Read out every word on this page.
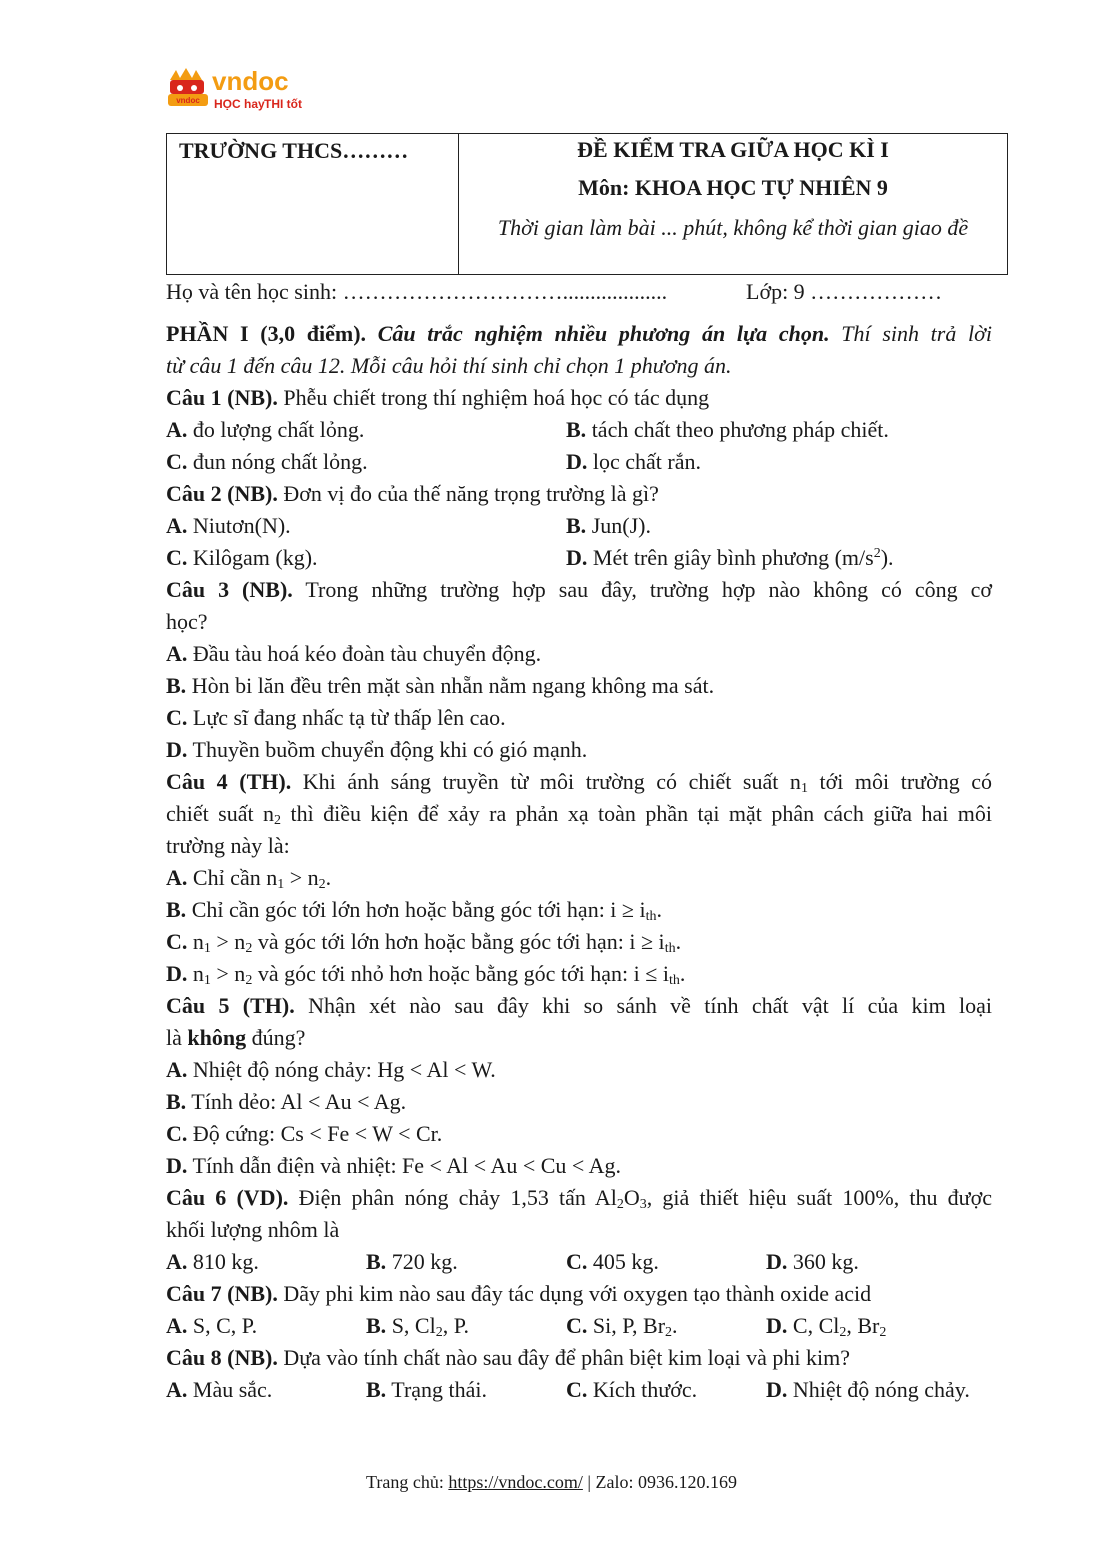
vndoc
vndoc
HỌC hay THI tốt
TRƯỜNG THCS………	ĐỀ KIỂM TRA GIỮA HỌC KÌ I
Môn: KHOA HỌC TỰ NHIÊN 9
Thời gian làm bài ... phút, không kể thời gian giao đề
Họ và tên học sinh: …………………………...................	Lớp: 9 ………………
PHẦN I (3,0 điểm). Câu trắc nghiệm nhiều phương án lựa chọn. Thí sinh trả lời
từ câu 1 đến câu 12. Mỗi câu hỏi thí sinh chỉ chọn 1 phương án.
Câu 1 (NB). Phễu chiết trong thí nghiệm hoá học có tác dụng
A. đo lượng chất lỏng.	B. tách chất theo phương pháp chiết.
C. đun nóng chất lỏng.	D. lọc chất rắn.
Câu 2 (NB). Đơn vị đo của thế năng trọng trường là gì?
A. Niutơn(N).	B. Jun(J).
C. Kilôgam (kg).	D. Mét trên giây bình phương $(m/s^2)$.
Câu 3 (NB). Trong những trường hợp sau đây, trường hợp nào không có công cơ
học?
A. Đầu tàu hoá kéo đoàn tàu chuyển động.
B. Hòn bi lăn đều trên mặt sàn nhẵn nằm ngang không ma sát.
C. Lực sĩ đang nhấc tạ từ thấp lên cao.
D. Thuyền buồm chuyển động khi có gió mạnh.
Câu 4 (TH). Khi ánh sáng truyền từ môi trường có chiết suất $n_1$ tới môi trường có
chiết suất $n_2$ thì điều kiện để xảy ra phản xạ toàn phần tại mặt phân cách giữa hai môi
trường này là:
A. Chỉ cần $n_1 > n_2$.
B. Chỉ cần góc tới lớn hơn hoặc bằng góc tới hạn: $i \ge i_{th}$.
C. $n_1 > n_2$ và góc tới lớn hơn hoặc bằng góc tới hạn: $i \ge i_{th}$.
D. $n_1 > n_2$ và góc tới nhỏ hơn hoặc bằng góc tới hạn: $i \le i_{th}$.
Câu 5 (TH). Nhận xét nào sau đây khi so sánh về tính chất vật lí của kim loại
là không đúng?
A. Nhiệt độ nóng chảy: Hg < Al < W.
B. Tính dẻo: Al < Au < Ag.
C. Độ cứng: Cs < Fe < W < Cr.
D. Tính dẫn điện và nhiệt: Fe < Al < Au < Cu < Ag.
Câu 6 (VD). Điện phân nóng chảy 1,53 tấn $Al_2O_3$, giả thiết hiệu suất 100%, thu được
khối lượng nhôm là
A. 810 kg.	B. 720 kg.	C. 405 kg.	D. 360 kg.
Câu 7 (NB). Dãy phi kim nào sau đây tác dụng với oxygen tạo thành oxide acid
A. S, C, P.	B. S, $Cl_2$, P.	C. Si, P, $Br_2$.	D. C, $Cl_2$, $Br_2$
Câu 8 (NB). Dựa vào tính chất nào sau đây để phân biệt kim loại và phi kim?
A. Màu sắc.	B. Trạng thái.	C. Kích thước.	D. Nhiệt độ nóng chảy.
Trang chủ: https://vndoc.com/ | Zalo: 0936.120.169
